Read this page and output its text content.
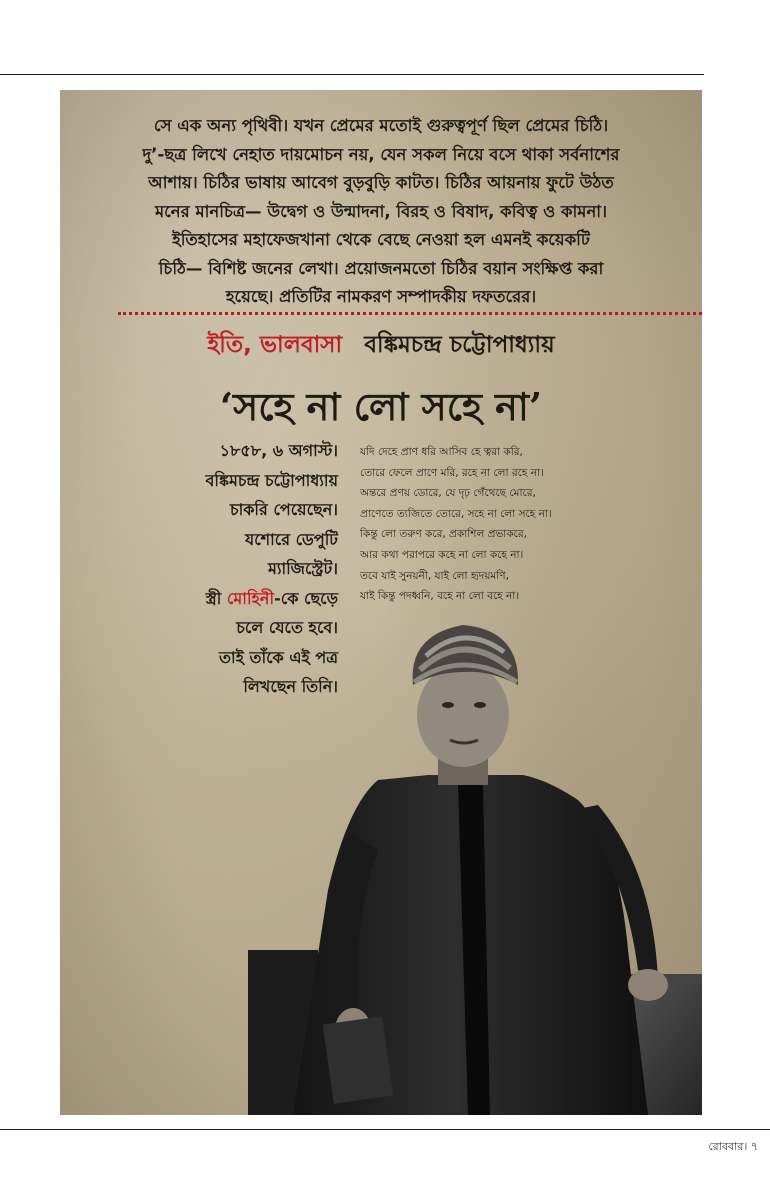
সে এক অন্য পৃথিবী। যখন প্রেমের মতোই গুরুত্বপূর্ণ ছিল প্রেমের চিঠি।
দু’-ছত্র লিখে নেহাত দায়মোচন নয়, যেন সকল নিয়ে বসে থাকা সর্বনাশের
আশায়। চিঠির ভাষায় আবেগ বুড়বুড়ি কাটত। চিঠির আয়নায় ফুটে উঠত
মনের মানচিত্র— উদ্বেগ ও উন্মাদনা, বিরহ ও বিষাদ, কবিত্ব ও কামনা।
ইতিহাসের মহাফেজখানা থেকে বেছে নেওয়া হল এমনই কয়েকটি
চিঠি— বিশিষ্ট জনের লেখা। প্রয়োজনমতো চিঠির বয়ান সংক্ষিপ্ত করা
হয়েছে। প্রতিটির নামকরণ সম্পাদকীয় দফতরের।
ইতি, ভালবাসা বঙ্কিমচন্দ্র চট্টোপাধ্যায়
‘সহে না লো সহে না’
১৮৫৮, ৬ অগাস্ট।
বঙ্কিমচন্দ্র চট্টোপাধ্যায়
চাকরি পেয়েছেন।
যশোরে ডেপুটি
ম্যাজিস্ট্রেট।
স্ত্রী মোহিনী-কে ছেড়ে
চলে যেতে হবে।
তাই তাঁকে এই পত্র
লিখছেন তিনি।
যদি দেহে প্রাণ ধরি আসিব হে ত্বরা করি,
তোরে ফেলে প্রাণে মরি, রহে না লো রহে না।
অন্তরে প্রণয় ডোরে, যে দৃঢ় গেঁথেছে মোরে,
প্রাণেতে ত্যজিতে তোরে, সহে না লো সহে না।
কিন্তু লো তরুণ করে, প্রকাশিল প্রভাকরে,
আর কথা পরাপরে কহে না লো কহে না।
তবে যাই সুনয়নী, যাই লো হৃদয়মণি,
যাই কিন্তু পদধ্বনি, বহে না লো বহে না।
রোববার। ৭
